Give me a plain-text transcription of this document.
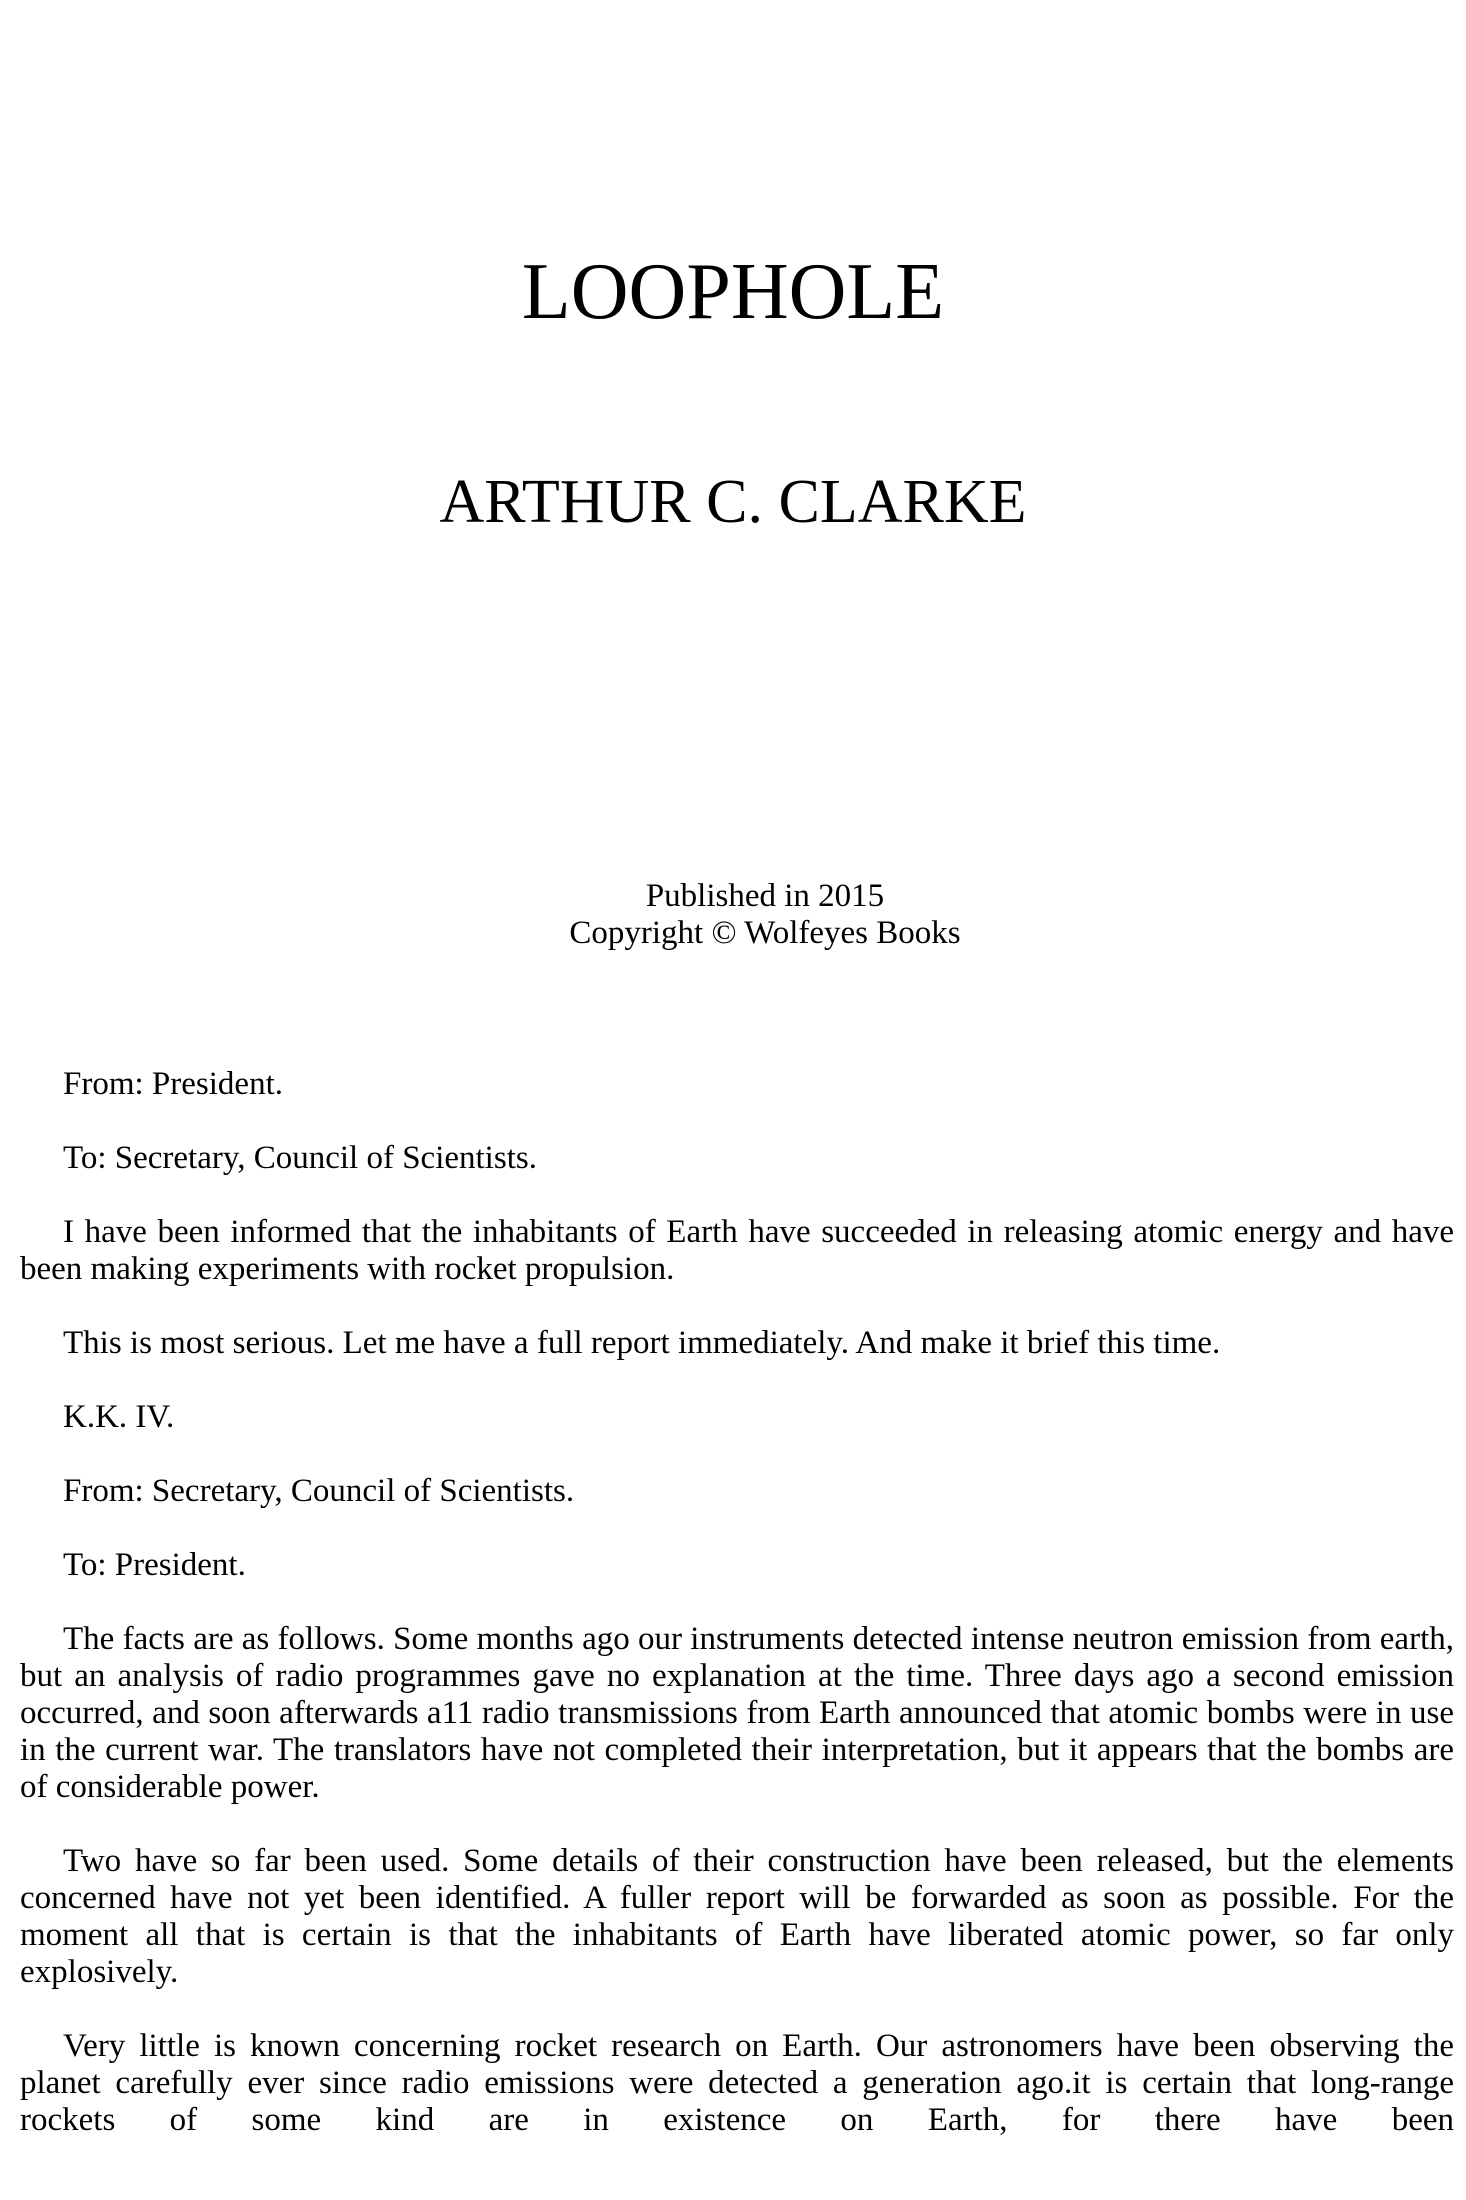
LOOPHOLE
ARTHUR C. CLARKE
Published in 2015
Copyright © Wolfeyes Books

From: President.

To: Secretary, Council of Scientists.

I have been informed that the inhabitants of Earth have succeeded in releasing atomic energy and have been making experiments with rocket propulsion.

This is most serious. Let me have a full report immediately. And make it brief this time.

K.K. IV.

From: Secretary, Council of Scientists.

To: President.

The facts are as follows. Some months ago our instruments detected intense neutron emission from earth, but an analysis of radio programmes gave no explanation at the time. Three days ago a second emission occurred, and soon afterwards a11 radio transmissions from Earth announced that atomic bombs were in use in the current war. The translators have not completed their interpretation, but it appears that the bombs are of considerable power.

Two have so far been used. Some details of their construction have been released, but the elements concerned have not yet been identified. A fuller report will be forwarded as soon as possible. For the moment all that is certain is that the inhabitants of Earth have liberated atomic power, so far only explosively.

Very little is known concerning rocket research on Earth. Our astronomers have been observing the planet carefully ever since radio emissions were detected a generation ago.it is certain that long-range rockets of some kind are in existence on Earth, for there have been
